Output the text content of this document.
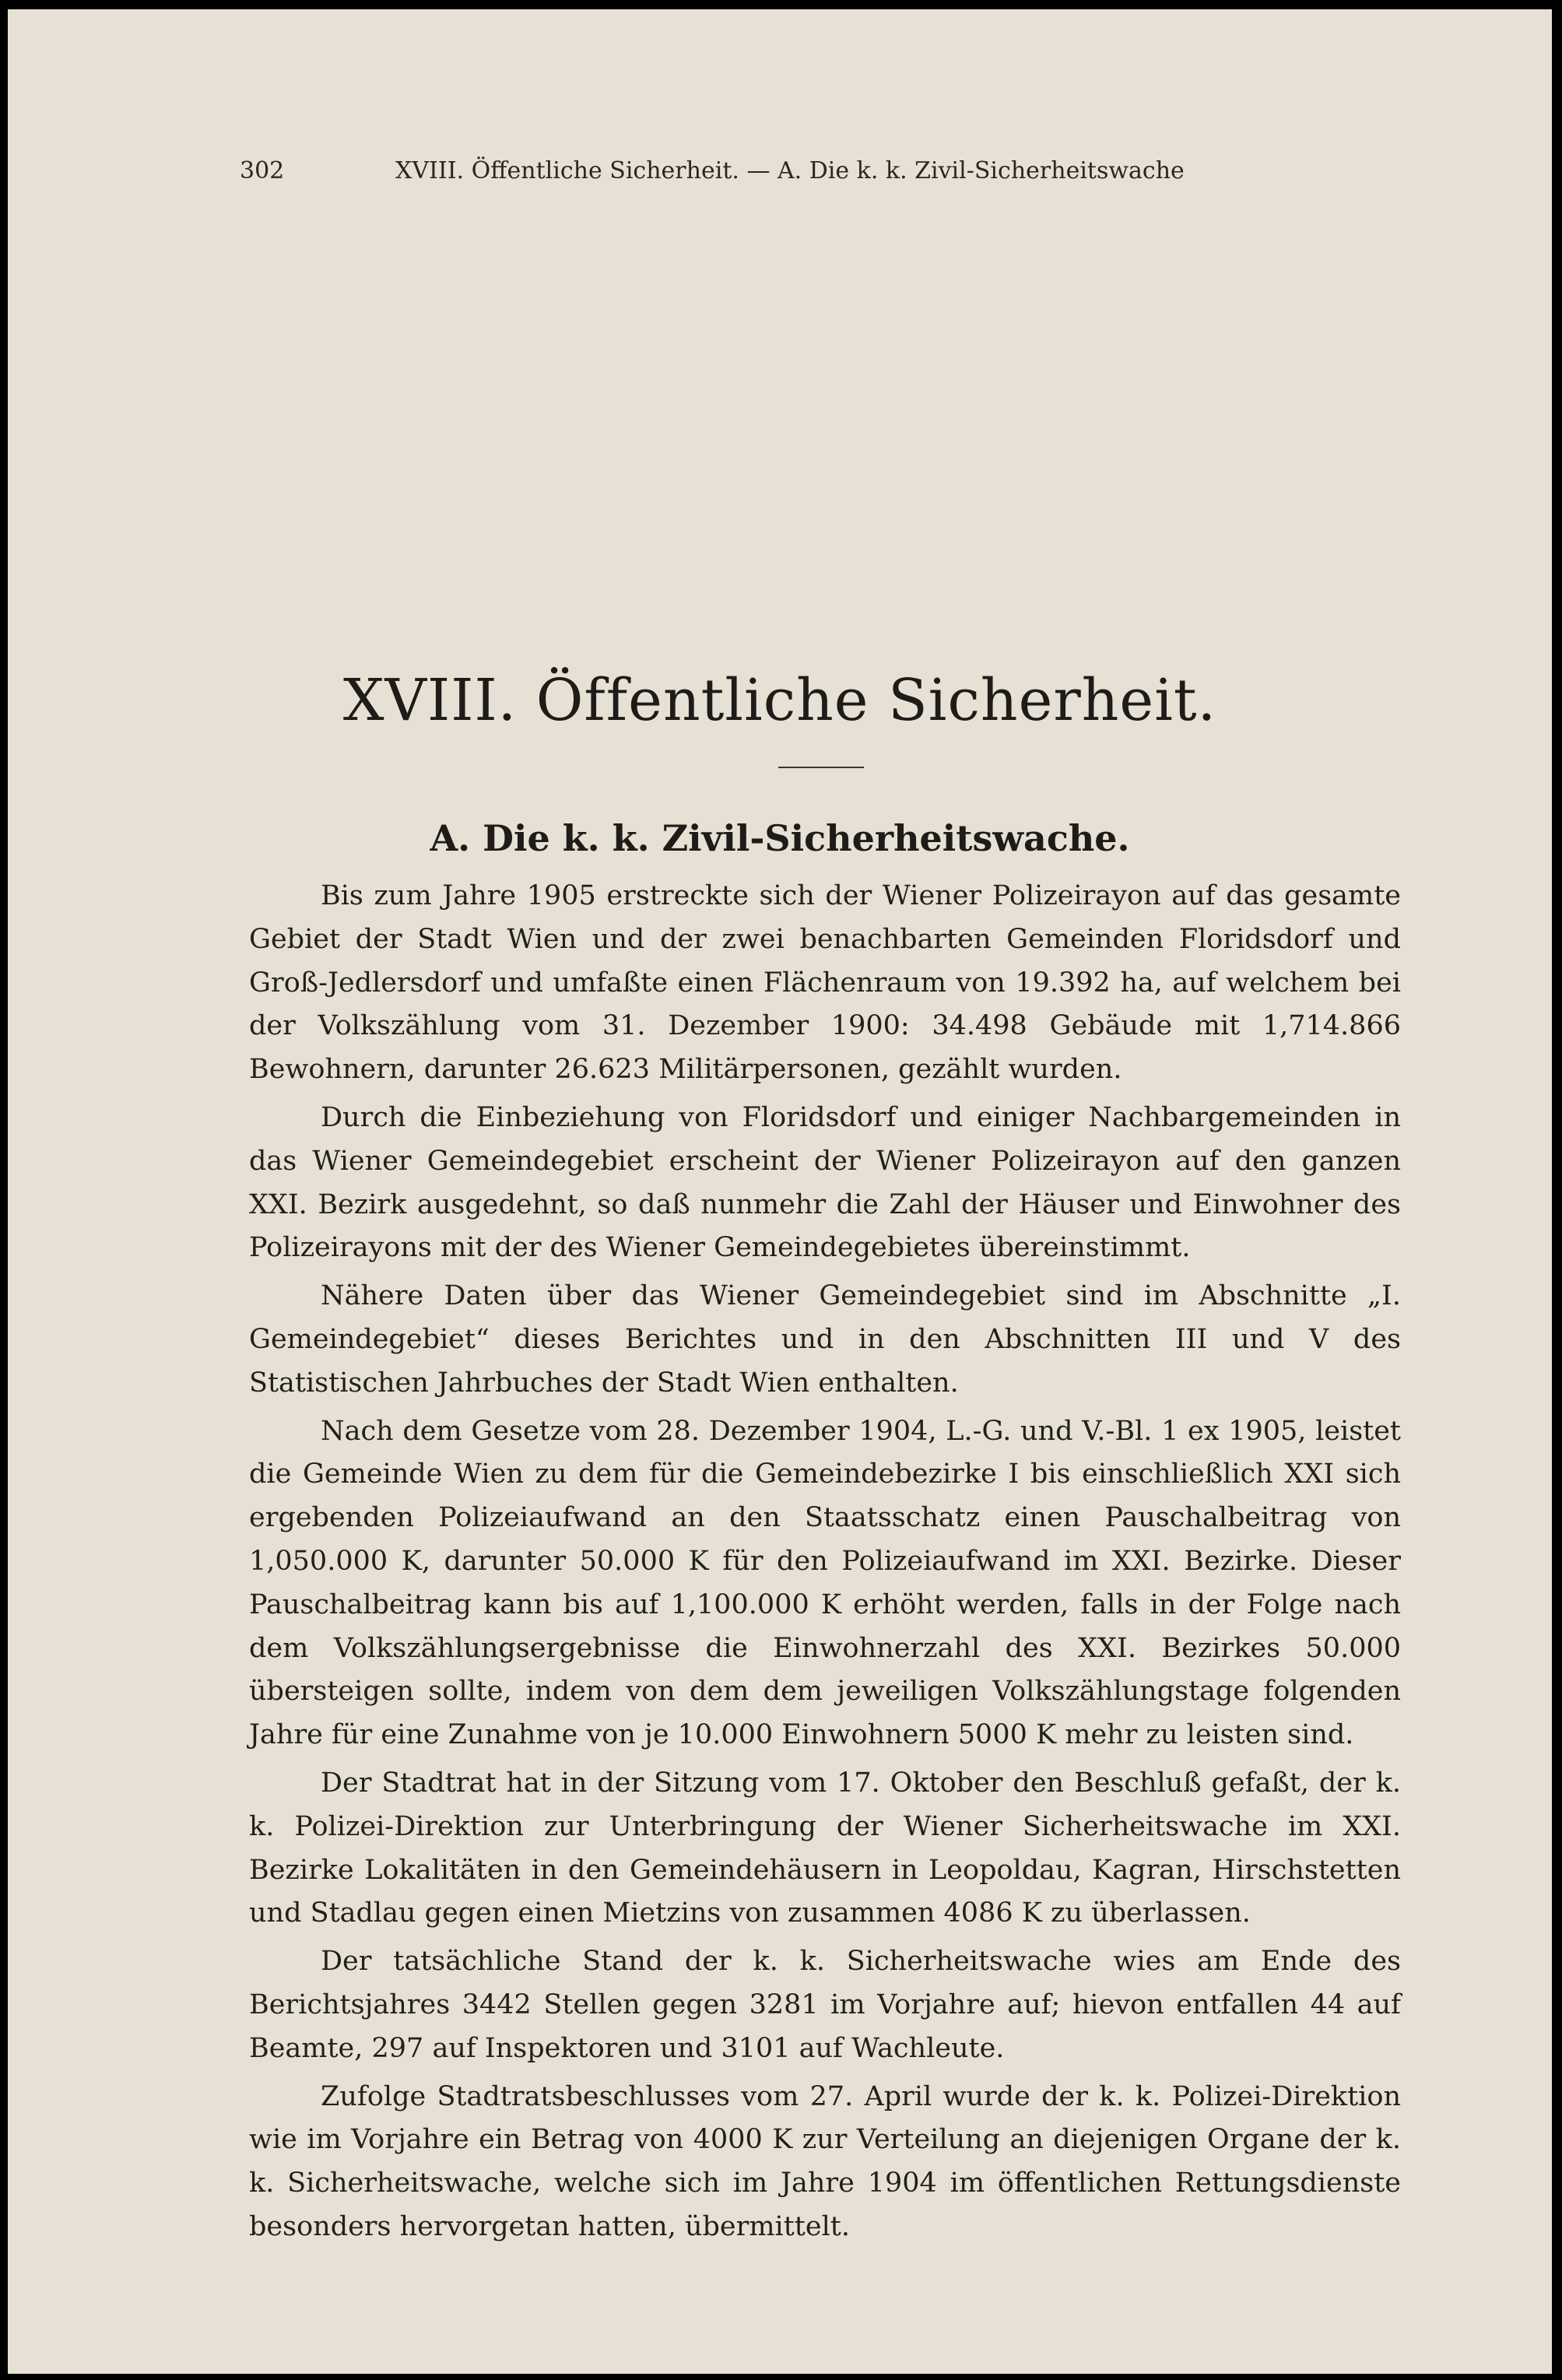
302	XVIII. Öffentliche Sicherheit. — A. Die k. k. Zivil-Sicherheitswache
XVIII. Öffentliche Sicherheit.
A. Die k. k. Zivil-Sicherheitswache.

Bis zum Jahre 1905 erstreckte sich der Wiener Polizeirayon auf das gesamte Gebiet der Stadt Wien und der zwei benachbarten Gemeinden Floridsdorf und Groß-Jedlersdorf und umfaßte einen Flächenraum von 19.392 ha, auf welchem bei der Volkszählung vom 31. Dezember 1900: 34.498 Gebäude mit 1,714.866 Bewohnern, darunter 26.623 Militärpersonen, gezählt wurden.

Durch die Einbeziehung von Floridsdorf und einiger Nachbargemeinden in das Wiener Gemeindegebiet erscheint der Wiener Polizeirayon auf den ganzen XXI. Bezirk ausgedehnt, so daß nunmehr die Zahl der Häuser und Einwohner des Polizeirayons mit der des Wiener Gemeindegebietes übereinstimmt.

Nähere Daten über das Wiener Gemeindegebiet sind im Abschnitte „I. Gemeindegebiet“ dieses Berichtes und in den Abschnitten III und V des Statistischen Jahrbuches der Stadt Wien enthalten.

Nach dem Gesetze vom 28. Dezember 1904, L.-G. und V.-Bl. 1 ex 1905, leistet die Gemeinde Wien zu dem für die Gemeindebezirke I bis einschließlich XXI sich ergebenden Polizeiaufwand an den Staatsschatz einen Pauschalbeitrag von 1,050.000 K, darunter 50.000 K für den Polizeiaufwand im XXI. Bezirke. Dieser Pauschalbeitrag kann bis auf 1,100.000 K erhöht werden, falls in der Folge nach dem Volkszählungsergebnisse die Einwohnerzahl des XXI. Bezirkes 50.000 übersteigen sollte, indem von dem dem jeweiligen Volkszählungstage folgenden Jahre für eine Zunahme von je 10.000 Einwohnern 5000 K mehr zu leisten sind.

Der Stadtrat hat in der Sitzung vom 17. Oktober den Beschluß gefaßt, der k. k. Polizei-Direktion zur Unterbringung der Wiener Sicherheitswache im XXI. Bezirke Lokalitäten in den Gemeindehäusern in Leopoldau, Kagran, Hirschstetten und Stadlau gegen einen Mietzins von zusammen 4086 K zu überlassen.

Der tatsächliche Stand der k. k. Sicherheitswache wies am Ende des Berichtsjahres 3442 Stellen gegen 3281 im Vorjahre auf; hievon entfallen 44 auf Beamte, 297 auf Inspektoren und 3101 auf Wachleute.

Zufolge Stadtratsbeschlusses vom 27. April wurde der k. k. Polizei-Direktion wie im Vorjahre ein Betrag von 4000 K zur Verteilung an diejenigen Organe der k. k. Sicherheitswache, welche sich im Jahre 1904 im öffentlichen Rettungsdienste besonders hervorgetan hatten, übermittelt.
